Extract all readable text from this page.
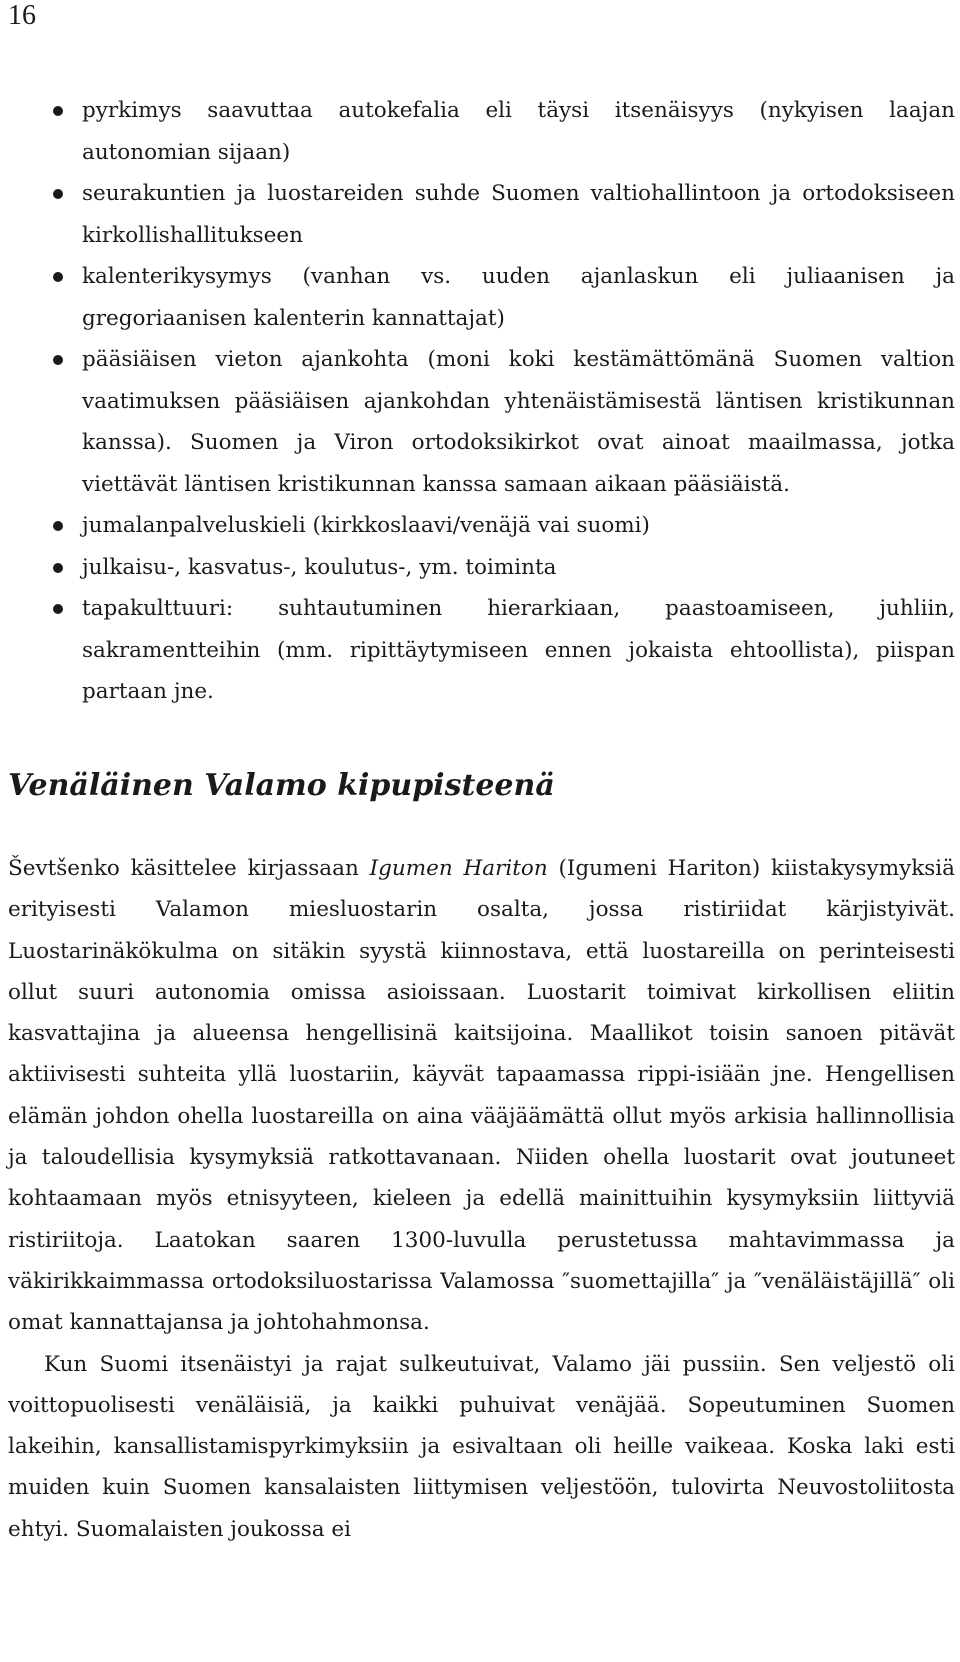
16
pyrkimys saavuttaa autokefalia eli täysi itsenäisyys (nykyisen laajan autonomian sijaan)
seurakuntien ja luostareiden suhde Suomen valtiohallintoon ja ortodoksiseen kirkollishallitukseen
kalenterikysymys (vanhan vs. uuden ajanlaskun eli juliaanisen ja gregoriaanisen kalenterin kannattajat)
pääsiäisen vieton ajankohta (moni koki kestämättömänä Suomen valtion vaatimuksen pääsiäisen ajankohdan yhtenäistämisestä läntisen kristikunnan kanssa). Suomen ja Viron ortodoksikirkot ovat ainoat maailmassa, jotka viettävät läntisen kristikunnan kanssa samaan aikaan pääsiäistä.
jumalanpalveluskieli (kirkkoslaavi/venäjä vai suomi)
julkaisu-, kasvatus-, koulutus-, ym. toiminta
tapakulttuuri: suhtautuminen hierarkiaan, paastoamiseen, juhliin, sakramentteihin (mm. ripittäytymiseen ennen jokaista ehtoollista), piispan partaan jne.
Venäläinen Valamo kipupisteenä

Ševtšenko käsittelee kirjassaan Igumen Hariton (Igumeni Hariton) kiistakysymyksiä erityisesti Valamon miesluostarin osalta, jossa ristiriidat kärjistyivät. Luostarinäkökulma on sitäkin syystä kiinnostava, että luostareilla on perinteisesti ollut suuri autonomia omissa asioissaan. Luostarit toimivat kirkollisen eliitin kasvattajina ja alueensa hengellisinä kaitsijoina. Maallikot toisin sanoen pitävät aktiivisesti suhteita yllä luostariin, käyvät tapaamassa rippi-isiään jne. Hengellisen elämän johdon ohella luostareilla on aina vääjäämättä ollut myös arkisia hallinnollisia ja taloudellisia kysymyksiä ratkottavanaan. Niiden ohella luostarit ovat joutuneet kohtaamaan myös etnisyyteen, kieleen ja edellä mainittuihin kysymyksiin liittyviä ristiriitoja. Laatokan saaren 1300-luvulla perustetussa mahtavimmassa ja väkirikkaimmassa ortodoksiluostarissa Valamossa ″suomettajilla″ ja ″venäläistäjillä″ oli omat kannattajansa ja johtohahmonsa.

Kun Suomi itsenäistyi ja rajat sulkeutuivat, Valamo jäi pussiin. Sen veljestö oli voittopuolisesti venäläisiä, ja kaikki puhuivat venäjää. Sopeutuminen Suomen lakeihin, kansallistamispyrkimyksiin ja esivaltaan oli heille vaikeaa. Koska laki esti muiden kuin Suomen kansalaisten liittymisen veljestöön, tulovirta Neuvostoliitosta ehtyi. Suomalaisten joukossa ei
